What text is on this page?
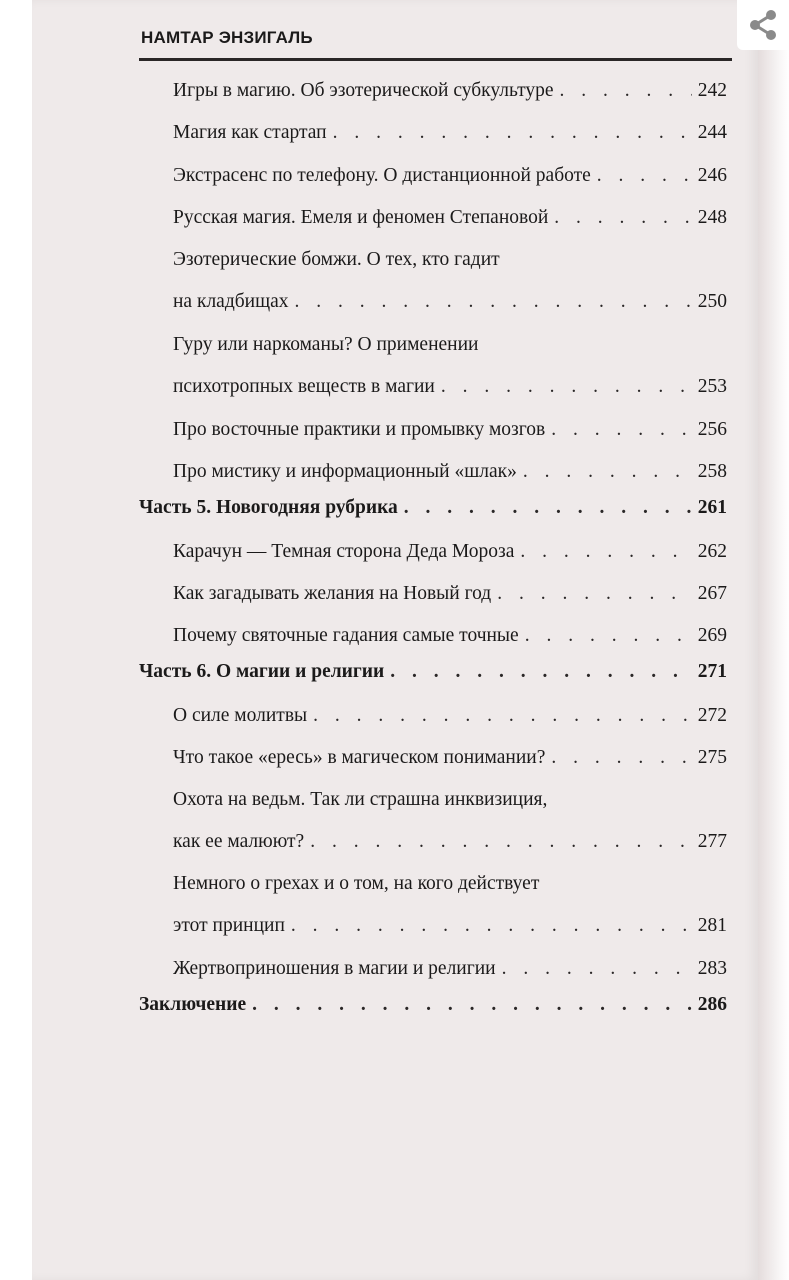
НАМТАР ЭНЗИГАЛЬ
Игры в магию. Об эзотерической субкультуре . . .	242
Магия как стартап . . .	244
Экстрасенс по телефону. О дистанционной работе . . .	246
Русская магия. Емеля и феномен Степановой . . .	248
Эзотерические бомжи. О тех, кто гадит
на кладбищах . . .	250
Гуру или наркоманы? О применении
психотропных веществ в магии . . .	253
Про восточные практики и промывку мозгов . . .	256
Про мистику и информационный «шлак» . . .	258
Часть 5. Новогодняя рубрика . . .	261
Карачун — Темная сторона Деда Мороза . . .	262
Как загадывать желания на Новый год . . .	267
Почему святочные гадания самые точные . . .	269
Часть 6. О магии и религии . . .	271
О силе молитвы . . .	272
Что такое «ересь» в магическом понимании? . . .	275
Охота на ведьм. Так ли страшна инквизиция,
как ее малюют? . . .	277
Немного о грехах и о том, на кого действует
этот принцип . . .	281
Жертвоприношения в магии и религии . . .	283
Заключение . . .	286
